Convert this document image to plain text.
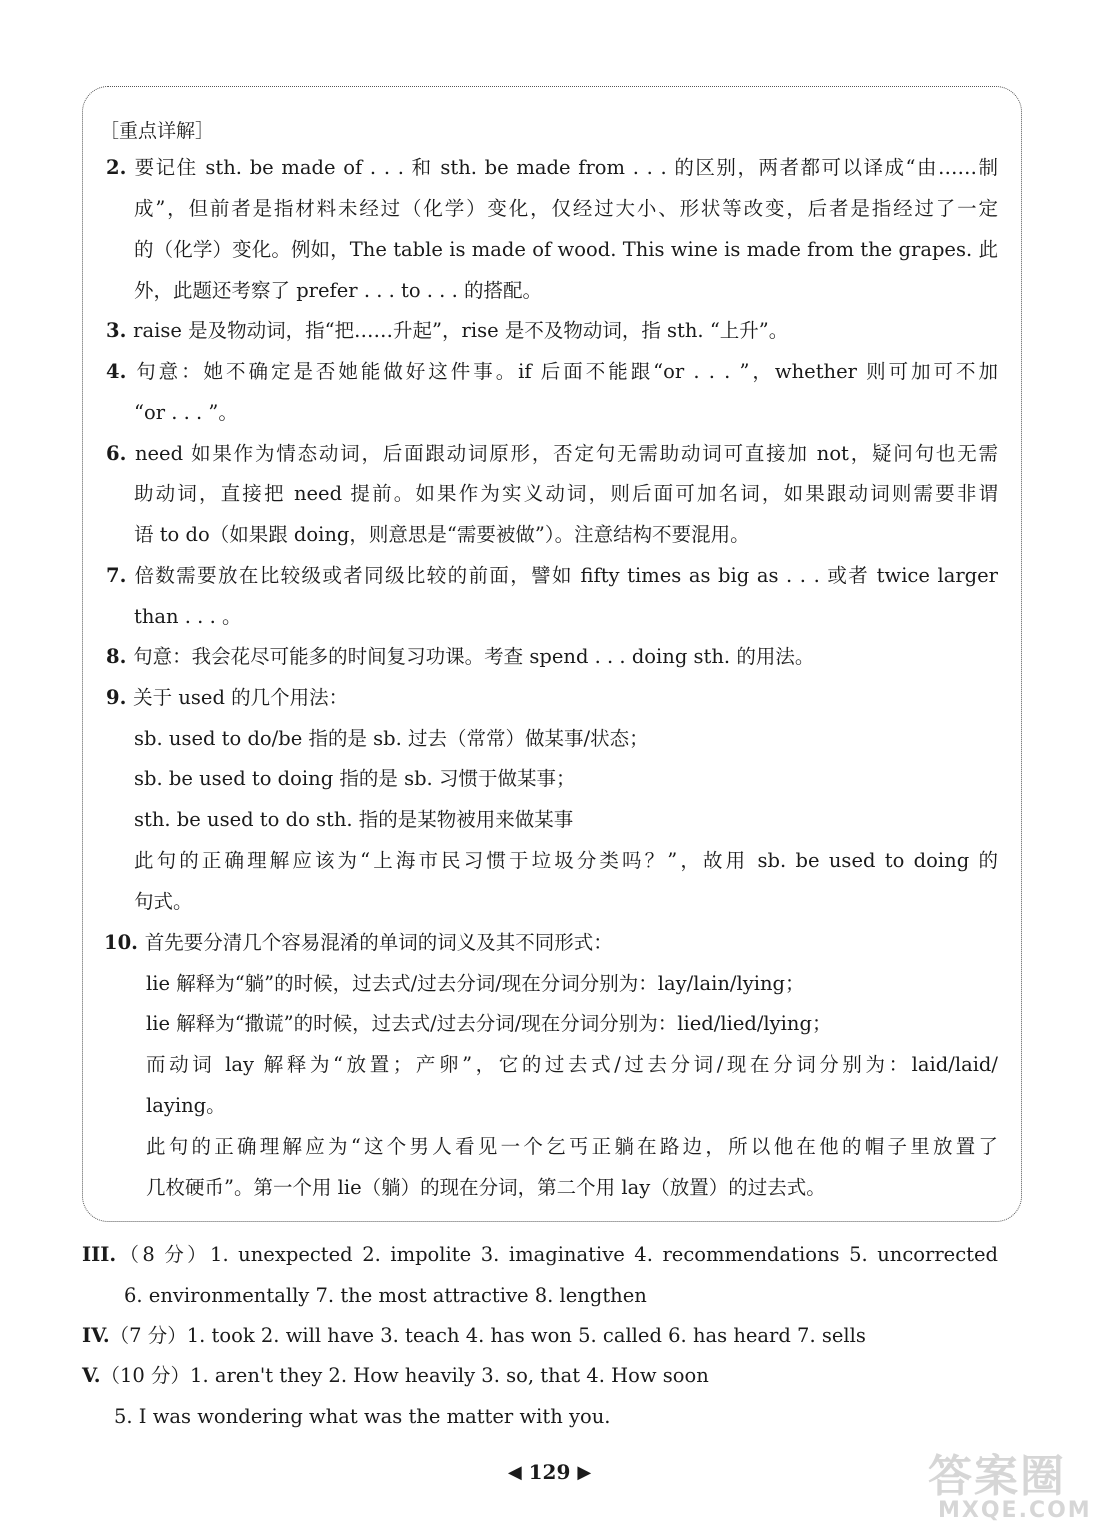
［重点详解］
2. 要记住 sth. be made of . . . 和 sth. be made from . . . 的区别，两者都可以译成“由……制
成”，但前者是指材料未经过（化学）变化，仅经过大小、形状等改变，后者是指经过了一定
的（化学）变化。例如，The table is made of wood. This wine is made from the grapes. 此
外，此题还考察了 prefer . . . to . . . 的搭配。
3. raise 是及物动词，指“把……升起”，rise 是不及物动词，指 sth. “上升”。
4. 句意：她不确定是否她能做好这件事。if 后面不能跟“or . . . ”，whether 则可加可不加
“or . . . ”。
6. need 如果作为情态动词，后面跟动词原形，否定句无需助动词可直接加 not，疑问句也无需
助动词，直接把 need 提前。如果作为实义动词，则后面可加名词，如果跟动词则需要非谓
语 to do（如果跟 doing，则意思是“需要被做”）。注意结构不要混用。
7. 倍数需要放在比较级或者同级比较的前面，譬如 fifty times as big as . . . 或者 twice larger
than . . . 。
8. 句意：我会花尽可能多的时间复习功课。考查 spend . . . doing sth. 的用法。
9. 关于 used 的几个用法：
sb. used to do/be 指的是 sb. 过去（常常）做某事/状态；
sb. be used to doing 指的是 sb. 习惯于做某事；
sth. be used to do sth. 指的是某物被用来做某事
此句的正确理解应该为“上海市民习惯于垃圾分类吗？”，故用 sb. be used to doing 的
句式。
10. 首先要分清几个容易混淆的单词的词义及其不同形式：
lie 解释为“躺”的时候，过去式/过去分词/现在分词分别为：lay/lain/lying；
lie 解释为“撒谎”的时候，过去式/过去分词/现在分词分别为：lied/lied/lying；
而动词 lay 解释为“放置；产卵”，它的过去式/过去分词/现在分词分别为：laid/laid/
laying。
此句的正确理解应为“这个男人看见一个乞丐正躺在路边，所以他在他的帽子里放置了
几枚硬币”。第一个用 lie（躺）的现在分词，第二个用 lay（放置）的过去式。
III.（8 分）1. unexpected 2. impolite 3. imaginative 4. recommendations 5. uncorrected
6. environmentally 7. the most attractive 8. lengthen
IV.（7 分）1. took 2. will have 3. teach 4. has won 5. called 6. has heard 7. sells
V.（10 分）1. aren't they 2. How heavily 3. so, that 4. How soon
5. I was wondering what was the matter with you.
◀ 129 ▶	答案圈
MXQE.COM
